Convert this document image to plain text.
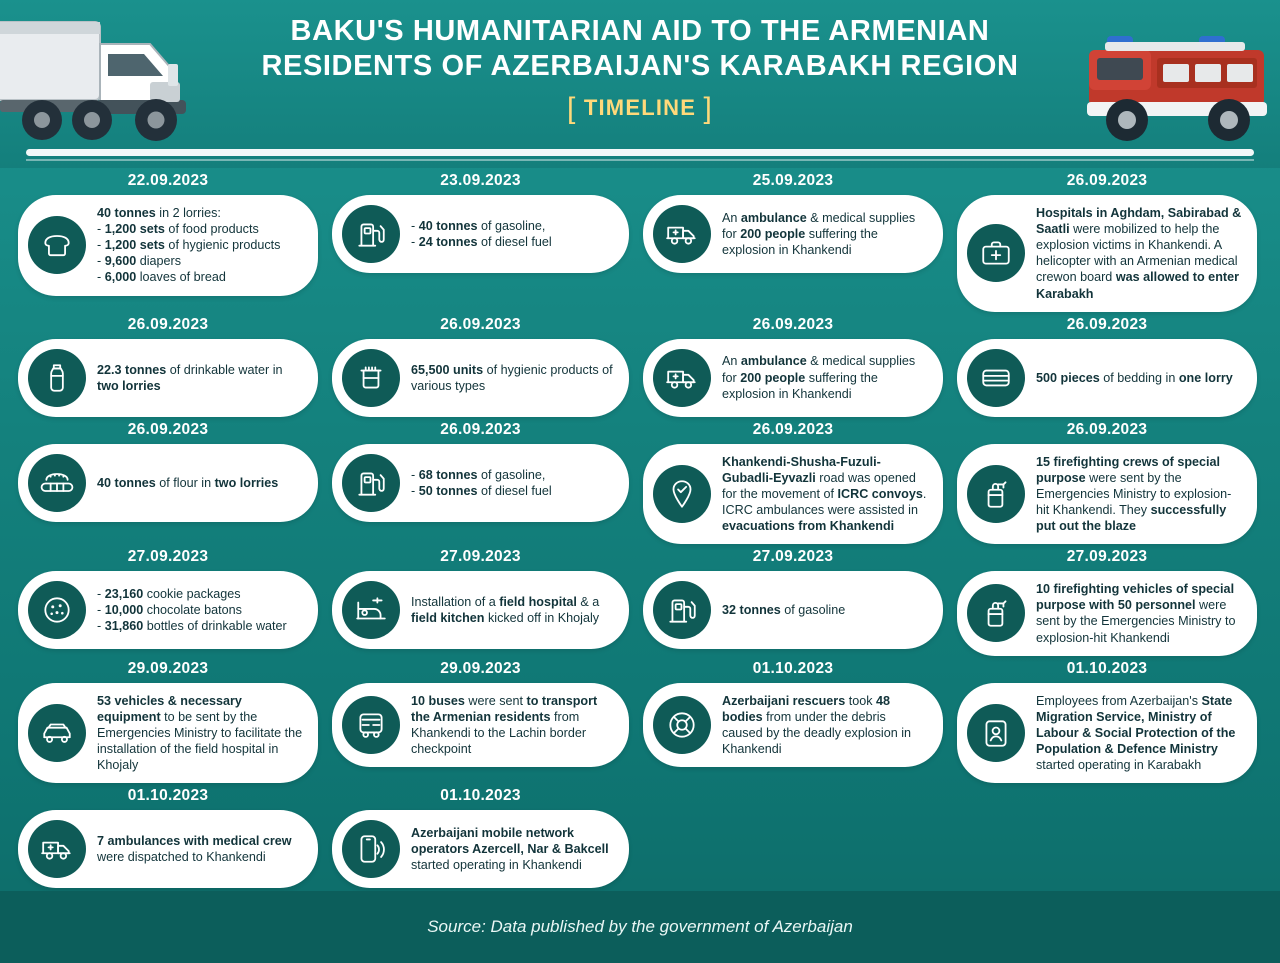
BAKU'S HUMANITARIAN AID TO THE ARMENIAN
RESIDENTS OF AZERBAIJAN'S KARABAKH REGION
[ TIMELINE ]
22.09.2023
40 tonnes in 2 lorries:
- 1,200 sets of food products
- 1,200 sets of hygienic products
- 9,600 diapers
- 6,000 loaves of bread
23.09.2023
- 40 tonnes of gasoline,
- 24 tonnes of diesel fuel
25.09.2023
An ambulance & medical supplies for 200 people suffering the explosion in Khankendi
26.09.2023
Hospitals in Aghdam, Sabirabad & Saatli were mobilized to help the explosion victims in Khankendi. A helicopter with an Armenian medical crewon board was allowed to enter Karabakh
26.09.2023
22.3 tonnes of drinkable water in two lorries
26.09.2023
65,500 units of hygienic products of various types
26.09.2023
An ambulance & medical supplies for 200 people suffering the explosion in Khankendi
26.09.2023
500 pieces of bedding in one lorry
26.09.2023
40 tonnes of flour in two lorries
26.09.2023
- 68 tonnes of gasoline,
- 50 tonnes of diesel fuel
26.09.2023
Khankendi-Shusha-Fuzuli-Gubadli-Eyvazli road was opened for the movement of ICRC convoys. ICRC ambulances were assisted in evacuations from Khankendi
26.09.2023
15 firefighting crews of special purpose were sent by the Emergencies Ministry to explosion-hit Khankendi. They successfully put out the blaze
27.09.2023
- 23,160 cookie packages
- 10,000 chocolate batons
- 31,860 bottles of drinkable water
27.09.2023
Installation of a field hospital & a field kitchen kicked off in Khojaly
27.09.2023
32 tonnes of gasoline
27.09.2023
10 firefighting vehicles of special purpose with 50 personnel were sent by the Emergencies Ministry to explosion-hit Khankendi
29.09.2023
53 vehicles & necessary equipment to be sent by the Emergencies Ministry to facilitate the installation of the field hospital in Khojaly
29.09.2023
10 buses were sent to transport the Armenian residents from Khankendi to the Lachin border checkpoint
01.10.2023
Azerbaijani rescuers took 48 bodies from under the debris caused by the deadly explosion in Khankendi
01.10.2023
Employees from Azerbaijan's State Migration Service, Ministry of Labour & Social Protection of the Population & Defence Ministry started operating in Karabakh
01.10.2023
7 ambulances with medical crew were dispatched to Khankendi
01.10.2023
Azerbaijani mobile network operators Azercell, Nar & Bakcell started operating in Khankendi
Source: Data published by the government of Azerbaijan
